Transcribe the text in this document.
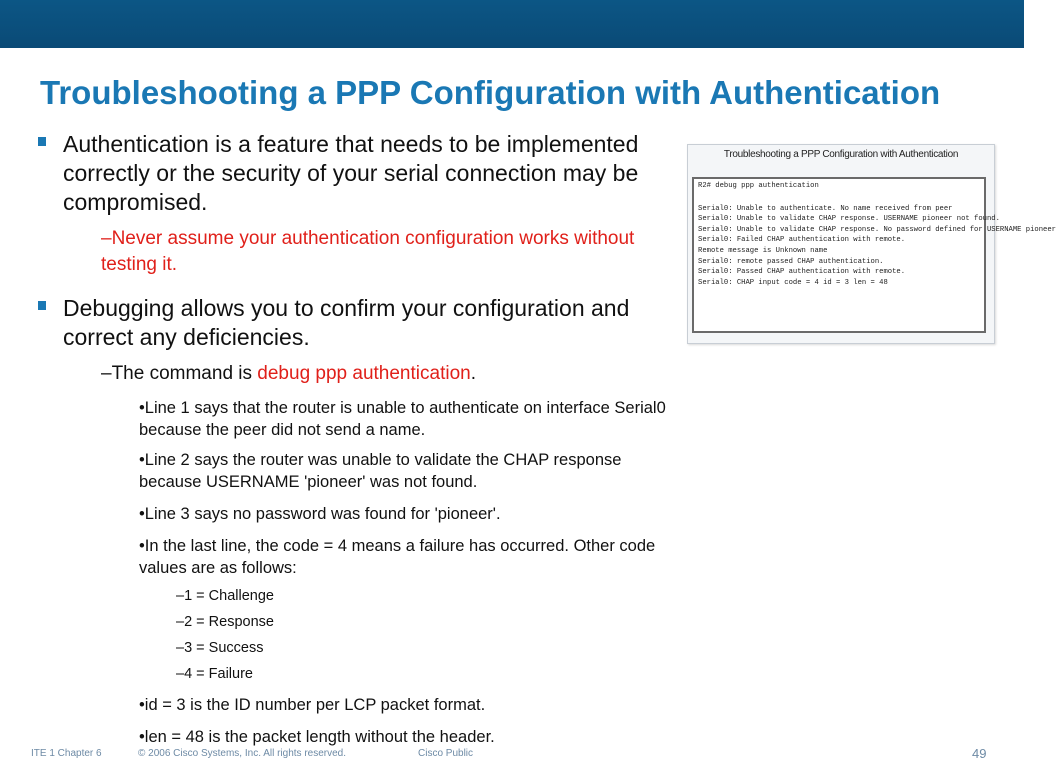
Troubleshooting a PPP Configuration with Authentication
Authentication is a feature that needs to be implemented correctly or the security of your serial connection may be compromised.
–Never assume your authentication configuration works without testing it.
Debugging allows you to confirm your configuration and correct any deficiencies.
–The command is debug ppp authentication.
•Line 1 says that the router is unable to authenticate on interface Serial0 because the peer did not send a name.
•Line 2 says the router was unable to validate the CHAP response because USERNAME 'pioneer' was not found.
•Line 3 says no password was found for 'pioneer'.
•In the last line, the code = 4 means a failure has occurred. Other code values are as follows:
–1 = Challenge
–2 = Response
–3 = Success
–4 = Failure
•id = 3 is the ID number per LCP packet format.
•len = 48 is the packet length without the header.
Troubleshooting a PPP Configuration with Authentication
R2# debug ppp authentication
Serial0: Unable to authenticate. No name received from peer
Serial0: Unable to validate CHAP response. USERNAME pioneer not found.
Serial0: Unable to validate CHAP response. No password defined for USERNAME pioneer
Serial0: Failed CHAP authentication with remote.
Remote message is Unknown name
Serial0: remote passed CHAP authentication.
Serial0: Passed CHAP authentication with remote.
Serial0: CHAP input code = 4 id = 3 len = 48
ITE 1 Chapter 6	© 2006 Cisco Systems, Inc. All rights reserved.	Cisco Public	49
